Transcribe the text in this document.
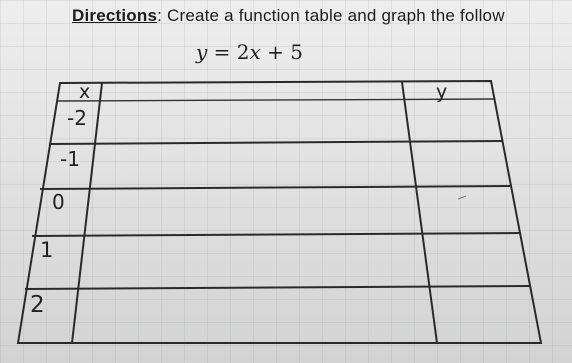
Directions: Create a function table and graph the follow
y = 2x + 5
x	y
-2
-1
0
1
2
